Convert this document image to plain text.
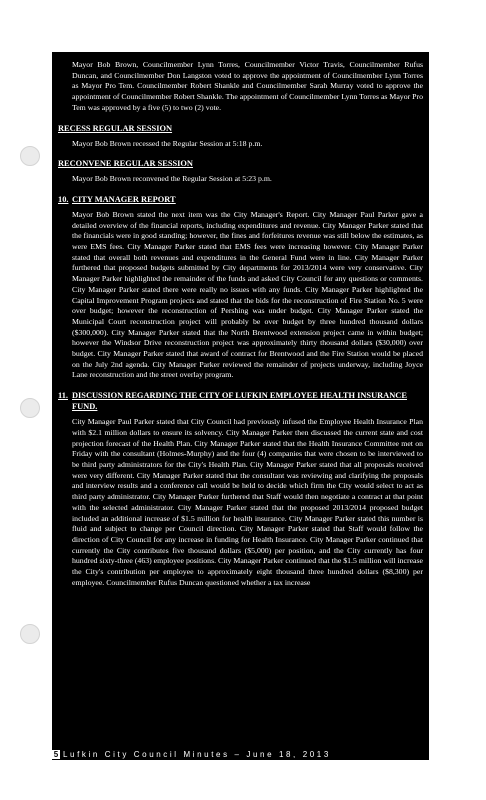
Mayor Bob Brown, Councilmember Lynn Torres, Councilmember Victor Travis, Councilmember Rufus Duncan, and Councilmember Don Langston voted to approve the appointment of Councilmember Lynn Torres as Mayor Pro Tem. Councilmember Robert Shankle and Councilmember Sarah Murray voted to approve the appointment of Councilmember Robert Shankle. The appointment of Councilmember Lynn Torres as Mayor Pro Tem was approved by a five (5) to two (2) vote.

RECESS REGULAR SESSION

Mayor Bob Brown recessed the Regular Session at 5:18 p.m.

RECONVENE REGULAR SESSION

Mayor Bob Brown reconvened the Regular Session at 5:23 p.m.

10. CITY MANAGER REPORT

Mayor Bob Brown stated the next item was the City Manager's Report. City Manager Paul Parker gave a detailed overview of the financial reports, including expenditures and revenue. City Manager Parker stated that the financials were in good standing; however, the fines and forfeitures revenue was still below the estimates, as were EMS fees. City Manager Parker stated that EMS fees were increasing however. City Manager Parker stated that overall both revenues and expenditures in the General Fund were in line. City Manager Parker furthered that proposed budgets submitted by City departments for 2013/2014 were very conservative. City Manager Parker highlighted the remainder of the funds and asked City Council for any questions or comments. City Manager Parker stated there were really no issues with any funds. City Manager Parker highlighted the Capital Improvement Program projects and stated that the bids for the reconstruction of Fire Station No. 5 were over budget; however the reconstruction of Pershing was under budget. City Manager Parker stated the Municipal Court reconstruction project will probably be over budget by three hundred thousand dollars ($300,000). City Manager Parker stated that the North Brentwood extension project came in within budget; however the Windsor Drive reconstruction project was approximately thirty thousand dollars ($30,000) over budget. City Manager Parker stated that award of contract for Brentwood and the Fire Station would be placed on the July 2nd agenda. City Manager Parker reviewed the remainder of projects underway, including Joyce Lane reconstruction and the street overlay program.

11. DISCUSSION REGARDING THE CITY OF LUFKIN EMPLOYEE HEALTH INSURANCE FUND.

City Manager Paul Parker stated that City Council had previously infused the Employee Health Insurance Plan with $2.1 million dollars to ensure its solvency. City Manager Parker then discussed the current state and cost projection forecast of the Health Plan. City Manager Parker stated that the Health Insurance Committee met on Friday with the consultant (Holmes-Murphy) and the four (4) companies that were chosen to be interviewed to be third party administrators for the City's Health Plan. City Manager Parker stated that all proposals received were very different. City Manager Parker stated that the consultant was reviewing and clarifying the proposals and interview results and a conference call would be held to decide which firm the City would select to act as third party administrator. City Manager Parker furthered that Staff would then negotiate a contract at that point with the selected administrator. City Manager Parker stated that the proposed 2013/2014 proposed budget included an additional increase of $1.5 million for health insurance. City Manager Parker stated this number is fluid and subject to change per Council direction. City Manager Parker stated that Staff would follow the direction of City Council for any increase in funding for Health Insurance. City Manager Parker continued that currently the City contributes five thousand dollars ($5,000) per position, and the City currently has four hundred sixty-three (463) employee positions. City Manager Parker continued that the $1.5 million will increase the City's contribution per employee to approximately eight thousand three hundred dollars ($8,300) per employee. Councilmember Rufus Duncan questioned whether a tax increase

5 Lufkin City Council Minutes – June 18, 2013
